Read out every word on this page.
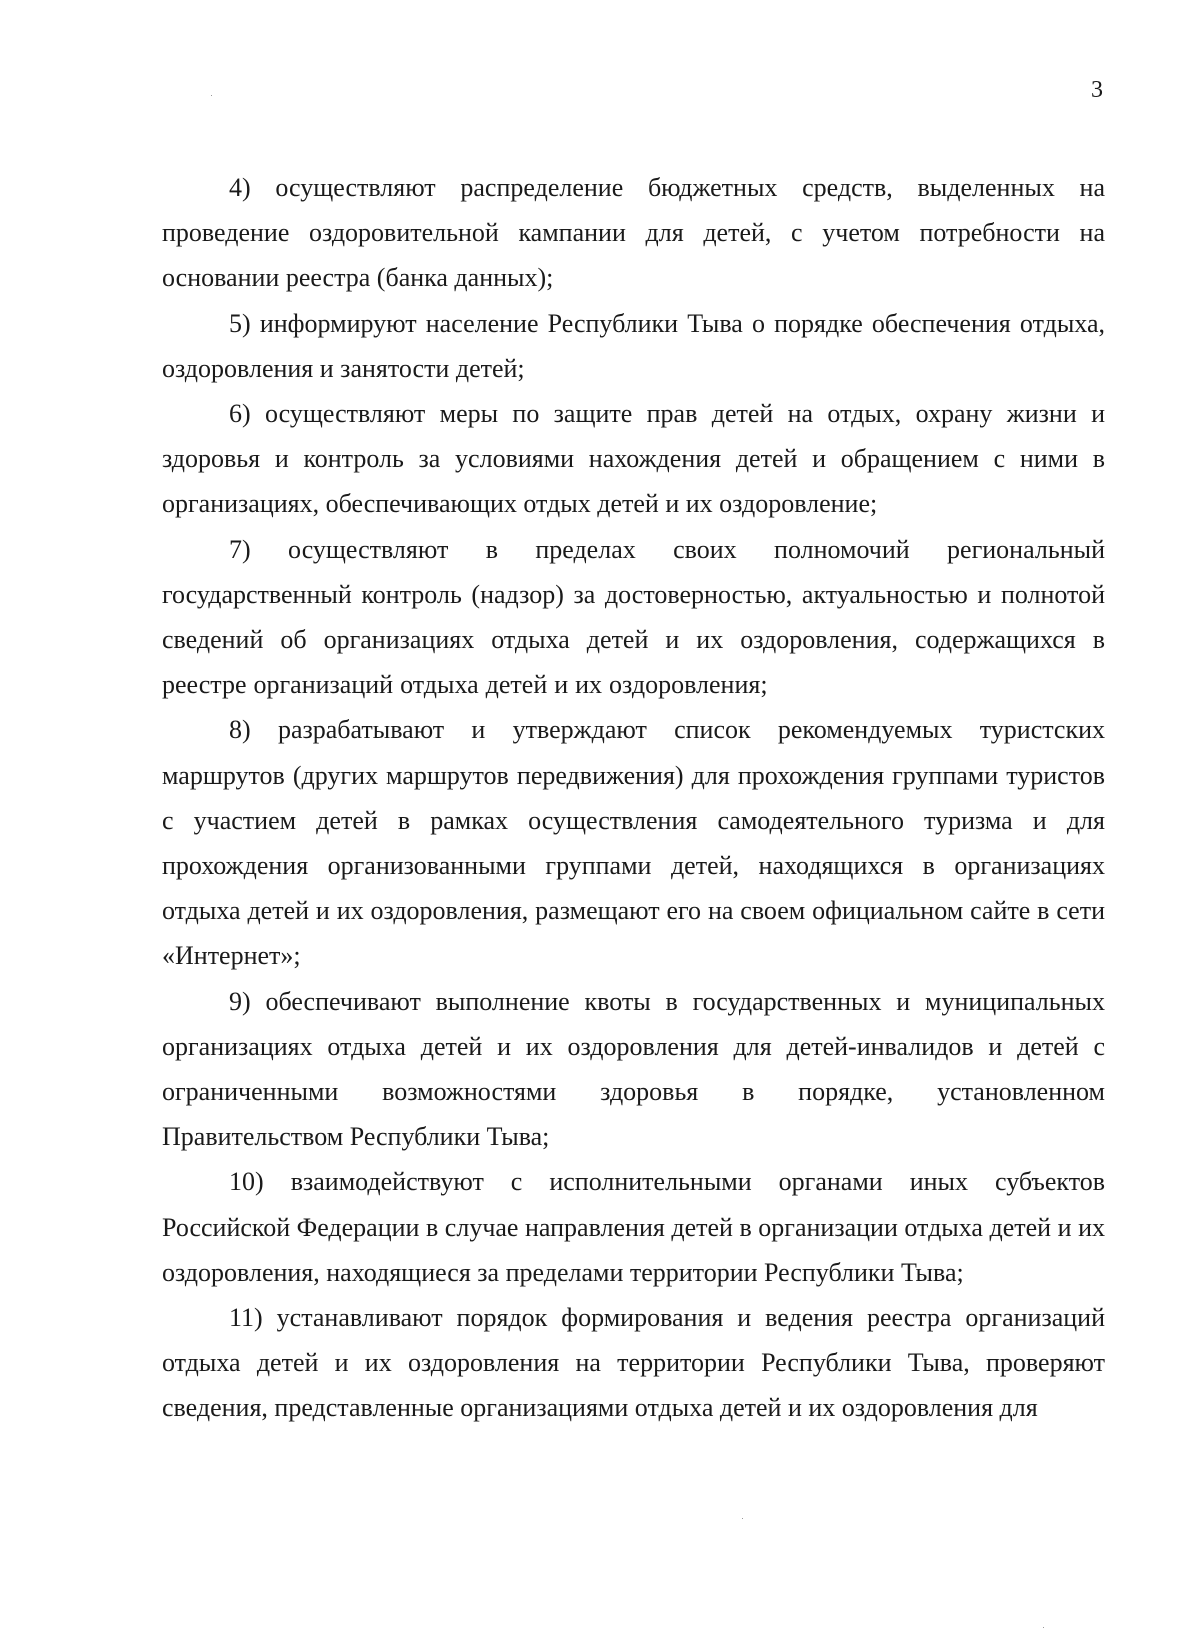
3

4) осуществляют распределение бюджетных средств, выделенных на проведение оздоровительной кампании для детей, с учетом потребности на основании реестра (банка данных);

5) информируют население Республики Тыва о порядке обеспечения отдыха, оздоровления и занятости детей;

6) осуществляют меры по защите прав детей на отдых, охрану жизни и здоровья и контроль за условиями нахождения детей и обращением с ними в организациях, обеспечивающих отдых детей и их оздоровление;

7) осуществляют в пределах своих полномочий региональный государственный контроль (надзор) за достоверностью, актуальностью и полнотой сведений об организациях отдыха детей и их оздоровления, содержащихся в реестре организаций отдыха детей и их оздоровления;

8) разрабатывают и утверждают список рекомендуемых туристских маршрутов (других маршрутов передвижения) для прохождения группами туристов с участием детей в рамках осуществления самодеятельного туризма и для прохождения организованными группами детей, находящихся в организациях отдыха детей и их оздоровления, размещают его на своем официальном сайте в сети «Интернет»;

9) обеспечивают выполнение квоты в государственных и муниципальных организациях отдыха детей и их оздоровления для детей-инвалидов и детей с ограниченными возможностями здоровья в порядке, установленном Правительством Республики Тыва;

10) взаимодействуют с исполнительными органами иных субъектов Российской Федерации в случае направления детей в организации отдыха детей и их оздоровления, находящиеся за пределами территории Республики Тыва;

11) устанавливают порядок формирования и ведения реестра организаций отдыха детей и их оздоровления на территории Республики Тыва, проверяют сведения, представленные организациями отдыха детей и их оздоровления для
